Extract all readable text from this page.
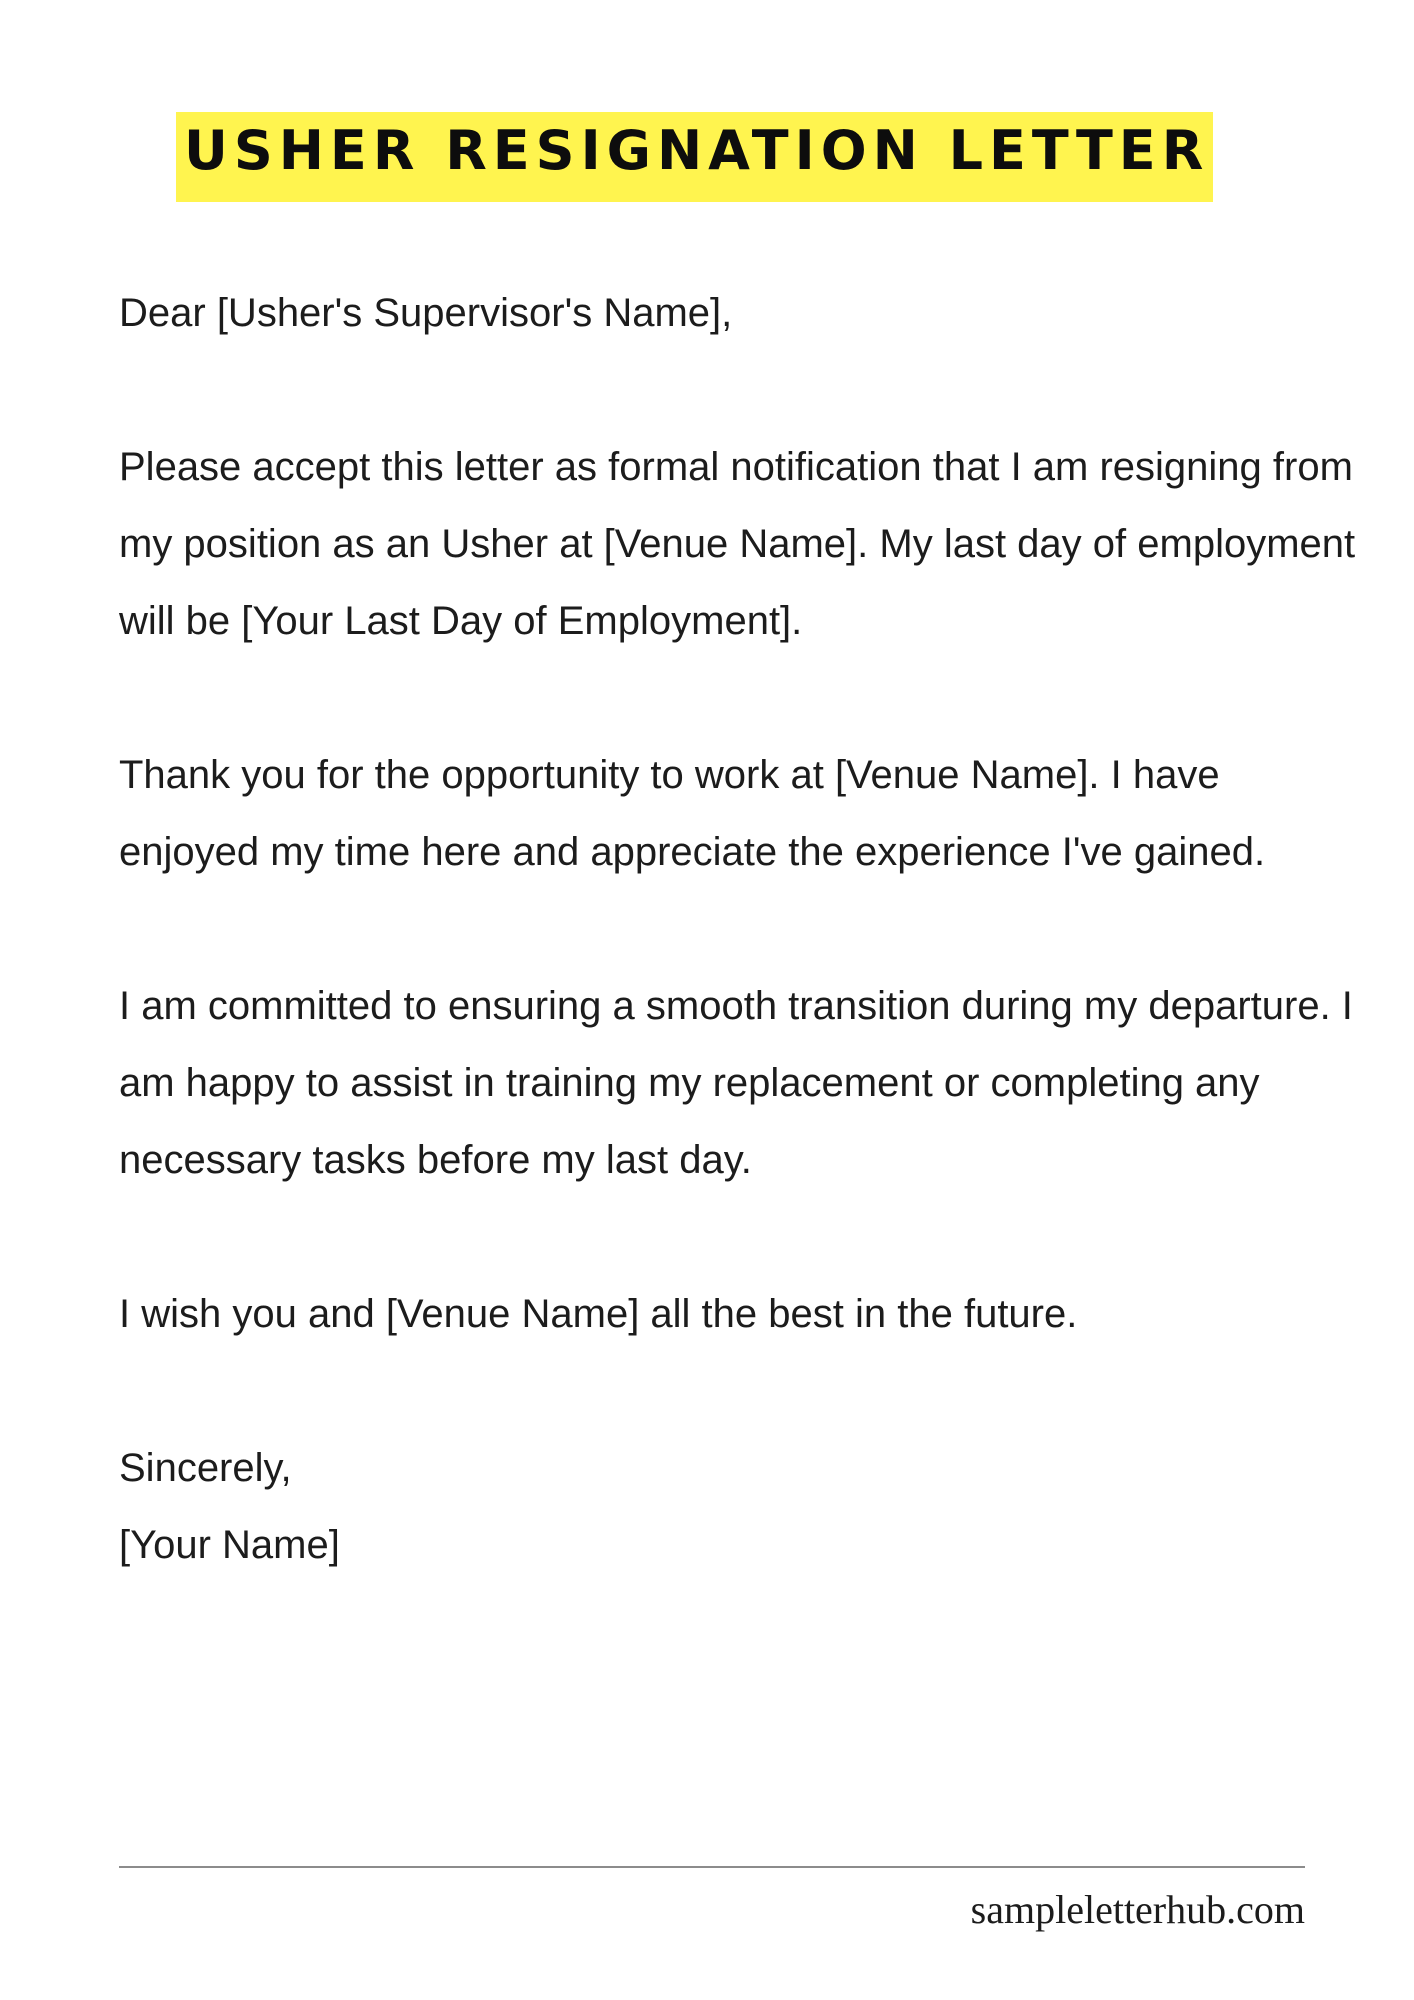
USHER RESIGNATION LETTER

Dear [Usher's Supervisor's Name],

Please accept this letter as formal notification that I am resigning from my position as an Usher at [Venue Name]. My last day of employment will be [Your Last Day of Employment].

Thank you for the opportunity to work at [Venue Name]. I have enjoyed my time here and appreciate the experience I've gained.

I am committed to ensuring a smooth transition during my departure. I am happy to assist in training my replacement or completing any necessary tasks before my last day.

I wish you and [Venue Name] all the best in the future.

Sincerely,

[Your Name]

sampleletterhub.com
